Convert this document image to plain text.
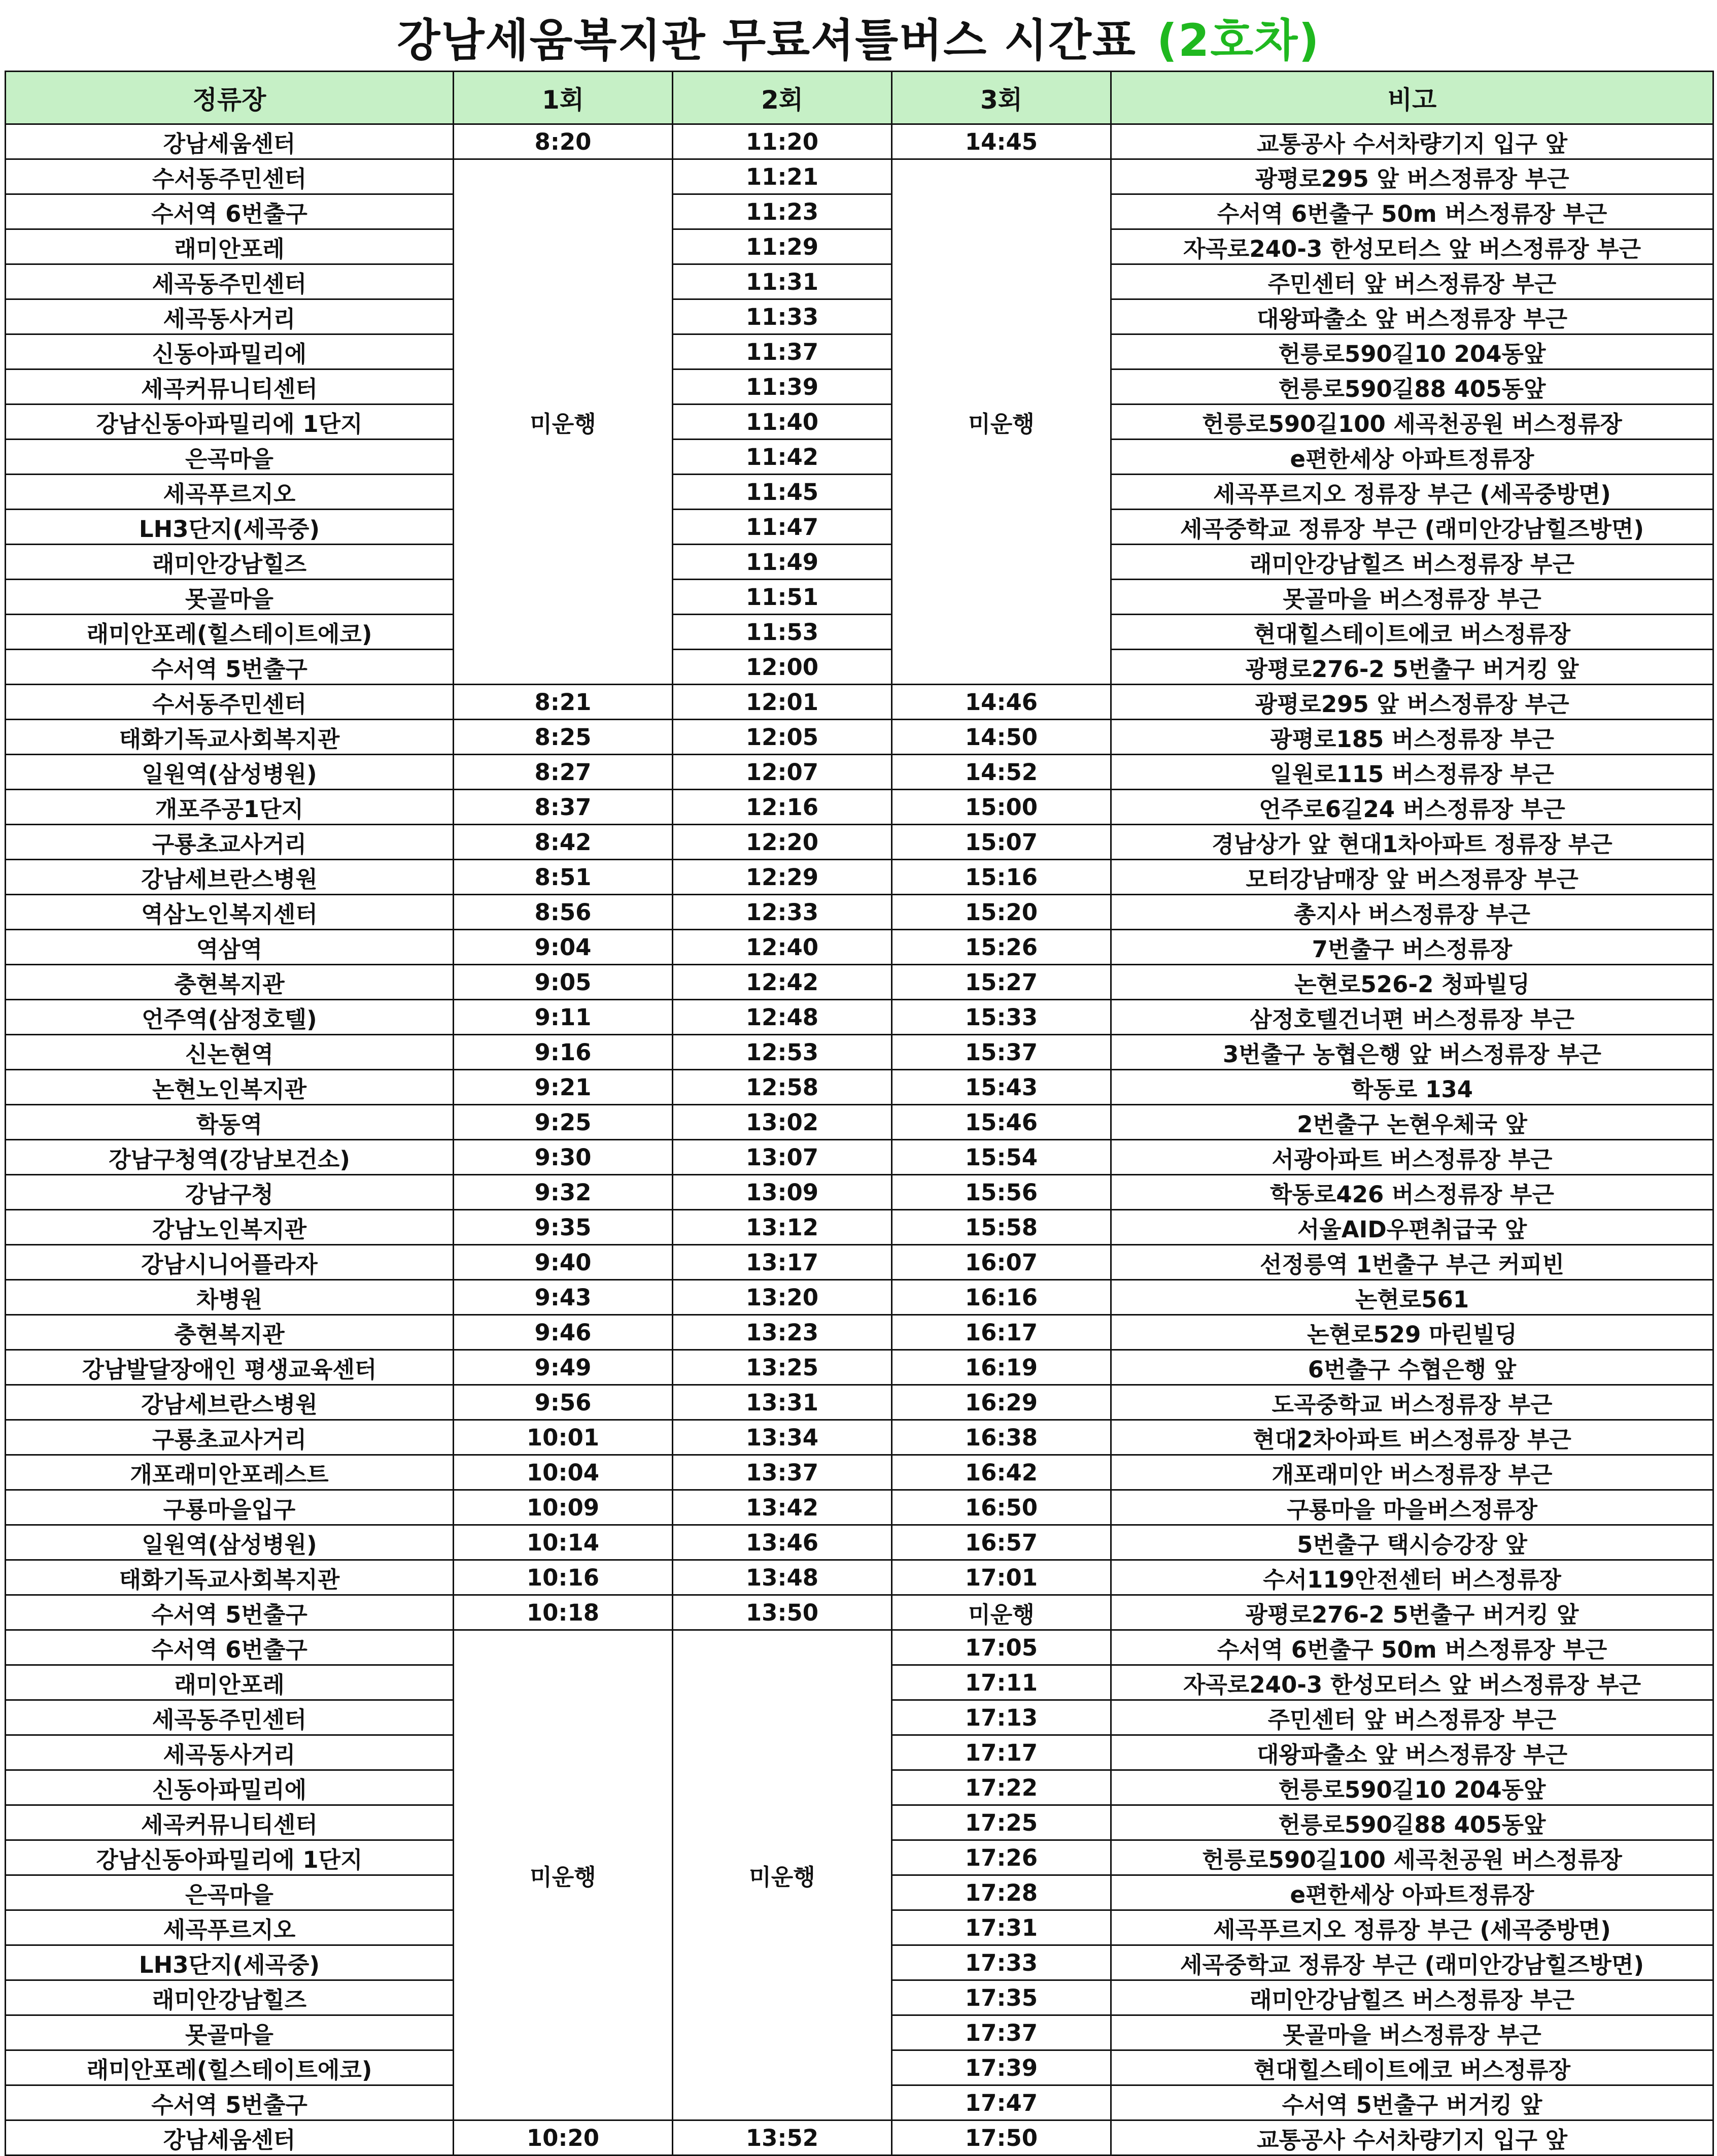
강남세움복지관 무료셔틀버스 시간표 (2호차)
정류장	1회	2회	3회	비고
강남세움센터	8:20	11:20	14:45	교통공사 수서차량기지 입구 앞
수서동주민센터	미운행	11:21	미운행	광평로295 앞 버스정류장 부근
수서역 6번출구		11:23		수서역 6번출구 50m 버스정류장 부근
래미안포레		11:29		자곡로240-3 한성모터스 앞 버스정류장 부근
세곡동주민센터		11:31		주민센터 앞 버스정류장 부근
세곡동사거리		11:33		대왕파출소 앞 버스정류장 부근
신동아파밀리에		11:37		헌릉로590길10 204동앞
세곡커뮤니티센터		11:39		헌릉로590길88 405동앞
강남신동아파밀리에 1단지		11:40		헌릉로590길100 세곡천공원 버스정류장
은곡마을		11:42		e편한세상 아파트정류장
세곡푸르지오		11:45		세곡푸르지오 정류장 부근 (세곡중방면)
LH3단지(세곡중)		11:47		세곡중학교 정류장 부근 (래미안강남힐즈방면)
래미안강남힐즈		11:49		래미안강남힐즈 버스정류장 부근
못골마을		11:51		못골마을 버스정류장 부근
래미안포레(힐스테이트에코)		11:53		현대힐스테이트에코 버스정류장
수서역 5번출구		12:00		광평로276-2 5번출구 버거킹 앞
수서동주민센터	8:21	12:01	14:46	광평로295 앞 버스정류장 부근
태화기독교사회복지관	8:25	12:05	14:50	광평로185 버스정류장 부근
일원역(삼성병원)	8:27	12:07	14:52	일원로115 버스정류장 부근
개포주공1단지	8:37	12:16	15:00	언주로6길24 버스정류장 부근
구룡초교사거리	8:42	12:20	15:07	경남상가 앞 현대1차아파트 정류장 부근
강남세브란스병원	8:51	12:29	15:16	모터강남매장 앞 버스정류장 부근
역삼노인복지센터	8:56	12:33	15:20	총지사 버스정류장 부근
역삼역	9:04	12:40	15:26	7번출구 버스정류장
충현복지관	9:05	12:42	15:27	논현로526-2 청파빌딩
언주역(삼정호텔)	9:11	12:48	15:33	삼정호텔건너편 버스정류장 부근
신논현역	9:16	12:53	15:37	3번출구 농협은행 앞 버스정류장 부근
논현노인복지관	9:21	12:58	15:43	학동로 134
학동역	9:25	13:02	15:46	2번출구 논현우체국 앞
강남구청역(강남보건소)	9:30	13:07	15:54	서광아파트 버스정류장 부근
강남구청	9:32	13:09	15:56	학동로426 버스정류장 부근
강남노인복지관	9:35	13:12	15:58	서울AID우편취급국 앞
강남시니어플라자	9:40	13:17	16:07	선정릉역 1번출구 부근 커피빈
차병원	9:43	13:20	16:16	논현로561
충현복지관	9:46	13:23	16:17	논현로529 마린빌딩
강남발달장애인 평생교육센터	9:49	13:25	16:19	6번출구 수협은행 앞
강남세브란스병원	9:56	13:31	16:29	도곡중학교 버스정류장 부근
구룡초교사거리	10:01	13:34	16:38	현대2차아파트 버스정류장 부근
개포래미안포레스트	10:04	13:37	16:42	개포래미안 버스정류장 부근
구룡마을입구	10:09	13:42	16:50	구룡마을 마을버스정류장
일원역(삼성병원)	10:14	13:46	16:57	5번출구 택시승강장 앞
태화기독교사회복지관	10:16	13:48	17:01	수서119안전센터 버스정류장
수서역 5번출구	10:18	13:50	미운행	광평로276-2 5번출구 버거킹 앞
수서역 6번출구	미운행	미운행	17:05	수서역 6번출구 50m 버스정류장 부근
래미안포레			17:11	자곡로240-3 한성모터스 앞 버스정류장 부근
세곡동주민센터			17:13	주민센터 앞 버스정류장 부근
세곡동사거리			17:17	대왕파출소 앞 버스정류장 부근
신동아파밀리에			17:22	헌릉로590길10 204동앞
세곡커뮤니티센터			17:25	헌릉로590길88 405동앞
강남신동아파밀리에 1단지			17:26	헌릉로590길100 세곡천공원 버스정류장
은곡마을			17:28	e편한세상 아파트정류장
세곡푸르지오			17:31	세곡푸르지오 정류장 부근 (세곡중방면)
LH3단지(세곡중)			17:33	세곡중학교 정류장 부근 (래미안강남힐즈방면)
래미안강남힐즈			17:35	래미안강남힐즈 버스정류장 부근
못골마을			17:37	못골마을 버스정류장 부근
래미안포레(힐스테이트에코)			17:39	현대힐스테이트에코 버스정류장
수서역 5번출구			17:47	수서역 5번출구 버거킹 앞
강남세움센터	10:20	13:52	17:50	교통공사 수서차량기지 입구 앞
